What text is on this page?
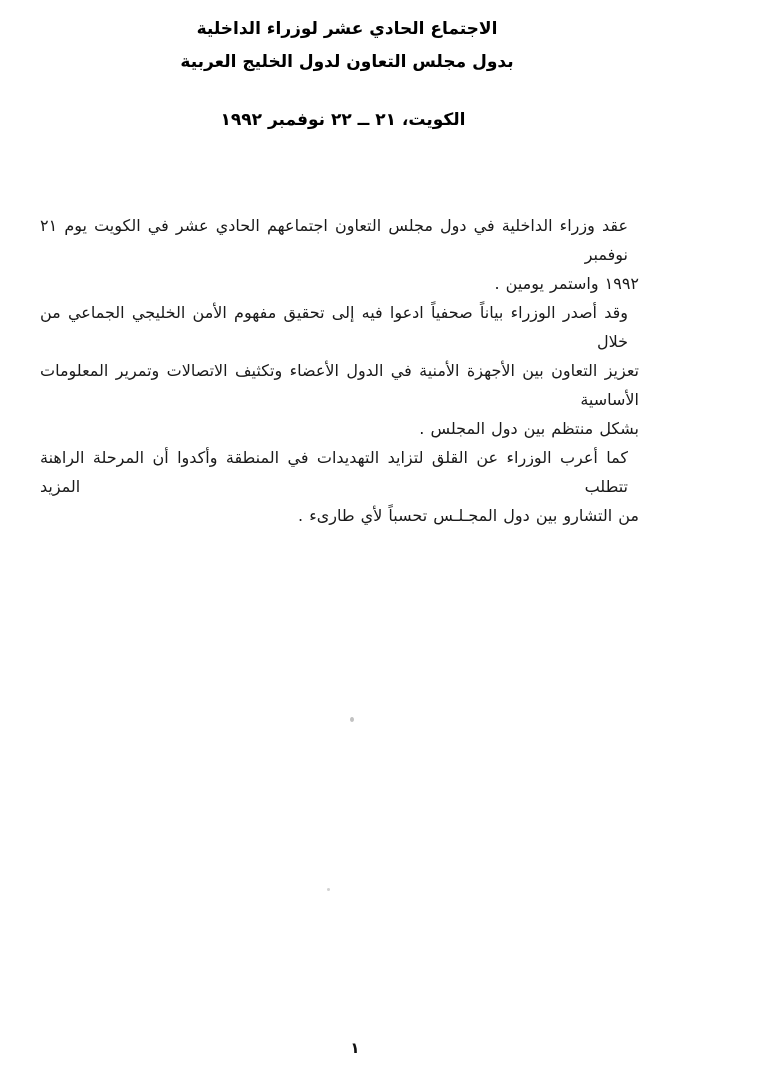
الاجتماع الحادي عشر لوزراء الداخلية
بدول مجلس التعاون لدول الخليج العربية
الكويت، ٢١ ــ ٢٢ نوفمبر ١٩٩٢
عقد وزراء الداخلية في دول مجلس التعاون اجتماعهم الحادي عشر في الكويت يوم ٢١ نوفمبر
١٩٩٢ واستمر يومين .
وقد أصدر الوزراء بياناً صحفياً ادعوا فيه إلى تحقيق مفهوم الأمن الخليجي الجماعي من خلال
تعزيز التعاون بين الأجهزة الأمنية في الدول الأعضاء وتكثيف الاتصالات وتمرير المعلومات الأساسية
بشكل منتظم بين دول المجلس .
كما أعرب الوزراء عن القلق لتزايد التهديدات في المنطقة وأكدوا أن المرحلة الراهنة تتطلب المزيد
من التشارو بين دول المجـلـس تحسباً لأي طارىء .
١
